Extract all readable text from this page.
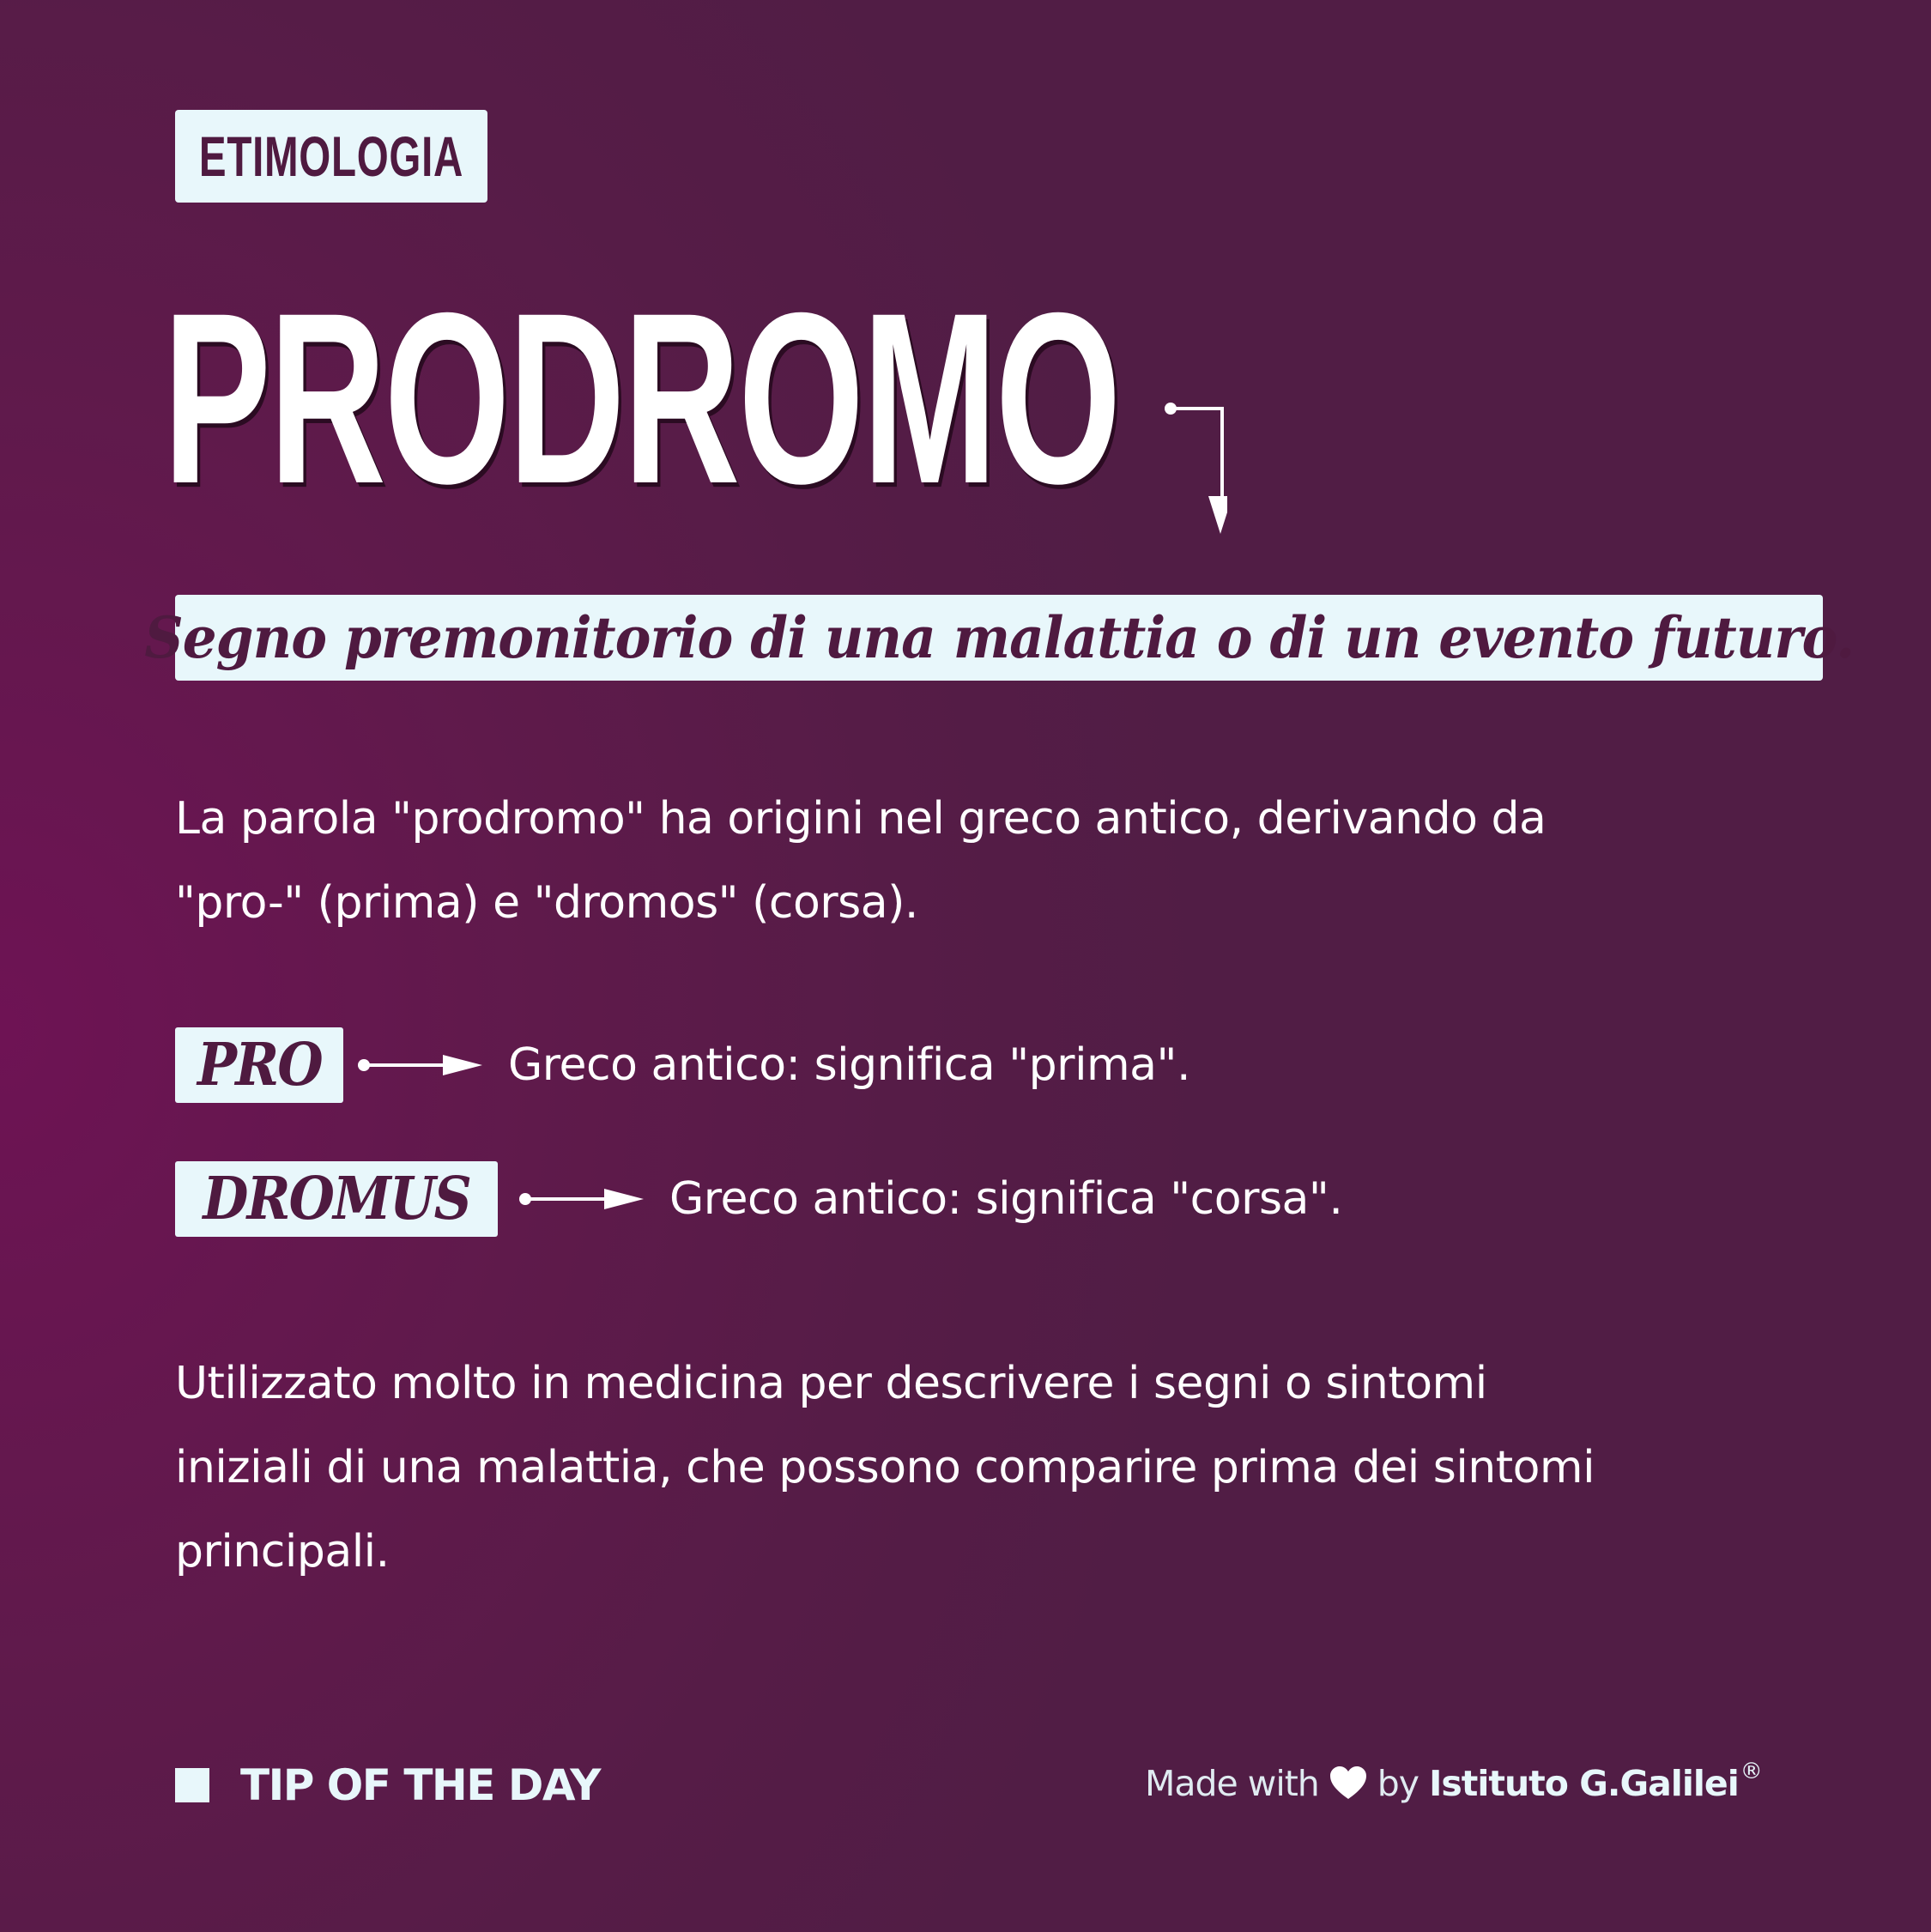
ETIMOLOGIA
PRODROMO
Segno premonitorio di una malattia o di un evento futuro.
La parola "prodromo" ha origini nel greco antico, derivando da
"pro-" (prima) e "dromos" (corsa).
PRO	Greco antico: significa "prima".
DROMUS	Greco antico: significa "corsa".
Utilizzato molto in medicina per descrivere i segni o sintomi
iniziali di una malattia, che possono comparire prima dei sintomi
principali.
TIP OF THE DAY	Made with by Istituto G.Galilei ®
